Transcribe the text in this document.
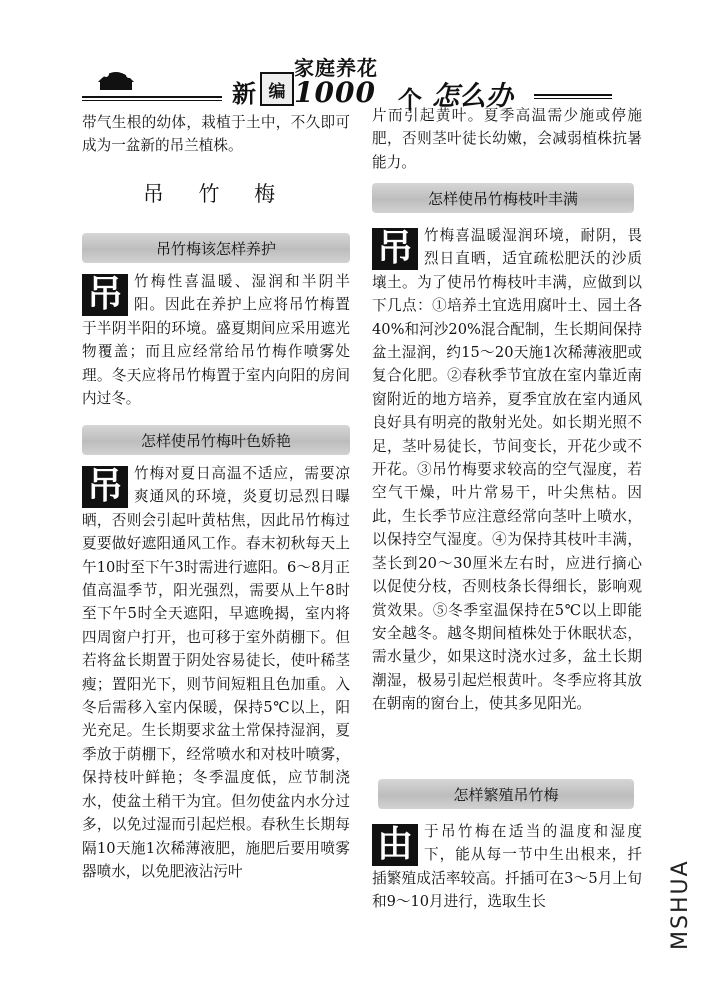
新 编
家庭养花
1000 个 怎么办
带气生根的幼体，栽植于土中，不久即可成为一盆新的吊兰植株。
吊 竹 梅
吊竹梅该怎样养护
吊 竹梅性喜温暖、湿润和半阴半阳。因此在养护上应将吊竹梅置于半阴半阳的环境。盛夏期间应采用遮光物覆盖；而且应经常给吊竹梅作喷雾处理。冬天应将吊竹梅置于室内向阳的房间内过冬。
怎样使吊竹梅叶色娇艳
吊 竹梅对夏日高温不适应，需要凉爽通风的环境，炎夏切忌烈日曝晒，否则会引起叶黄枯焦，因此吊竹梅过夏要做好遮阳通风工作。春末初秋每天上午10时至下午3时需进行遮阳。6～8月正值高温季节，阳光强烈，需要从上午8时至下午5时全天遮阳，早遮晚揭，室内将四周窗户打开，也可移于室外荫棚下。但若将盆长期置于阴处容易徒长，使叶稀茎瘦；置阳光下，则节间短粗且色加重。入冬后需移入室内保暖，保持5℃以上，阳光充足。生长期要求盆土常保持湿润，夏季放于荫棚下，经常喷水和对枝叶喷雾，保持枝叶鲜艳；冬季温度低，应节制浇水，使盆土稍干为宜。但勿使盆内水分过多，以免过湿而引起烂根。春秋生长期每隔10天施1次稀薄液肥，施肥后要用喷雾器喷水，以免肥液沾污叶
片而引起黄叶。夏季高温需少施或停施肥，否则茎叶徒长幼嫩，会减弱植株抗暑能力。
怎样使吊竹梅枝叶丰满
吊 竹梅喜温暖湿润环境，耐阴，畏烈日直晒，适宜疏松肥沃的沙质壤土。为了使吊竹梅枝叶丰满，应做到以下几点：①培养土宜选用腐叶土、园土各40%和河沙20%混合配制，生长期间保持盆土湿润，约15～20天施1次稀薄液肥或复合化肥。②春秋季节宜放在室内靠近南窗附近的地方培养，夏季宜放在室内通风良好具有明亮的散射光处。如长期光照不足，茎叶易徒长，节间变长，开花少或不开花。③吊竹梅要求较高的空气湿度，若空气干燥，叶片常易干，叶尖焦枯。因此，生长季节应注意经常向茎叶上喷水，以保持空气湿度。④为保持其枝叶丰满，茎长到20～30厘米左右时，应进行摘心以促使分枝，否则枝条长得细长，影响观赏效果。⑤冬季室温保持在5℃以上即能安全越冬。越冬期间植株处于休眠状态，需水量少，如果这时浇水过多，盆土长期潮湿，极易引起烂根黄叶。冬季应将其放在朝南的窗台上，使其多见阳光。
怎样繁殖吊竹梅
由 于吊竹梅在适当的温度和湿度下，能从每一节中生出根来，扦插繁殖成活率较高。扦插可在3～5月上旬和9～10月进行，选取生长	MSHUA
